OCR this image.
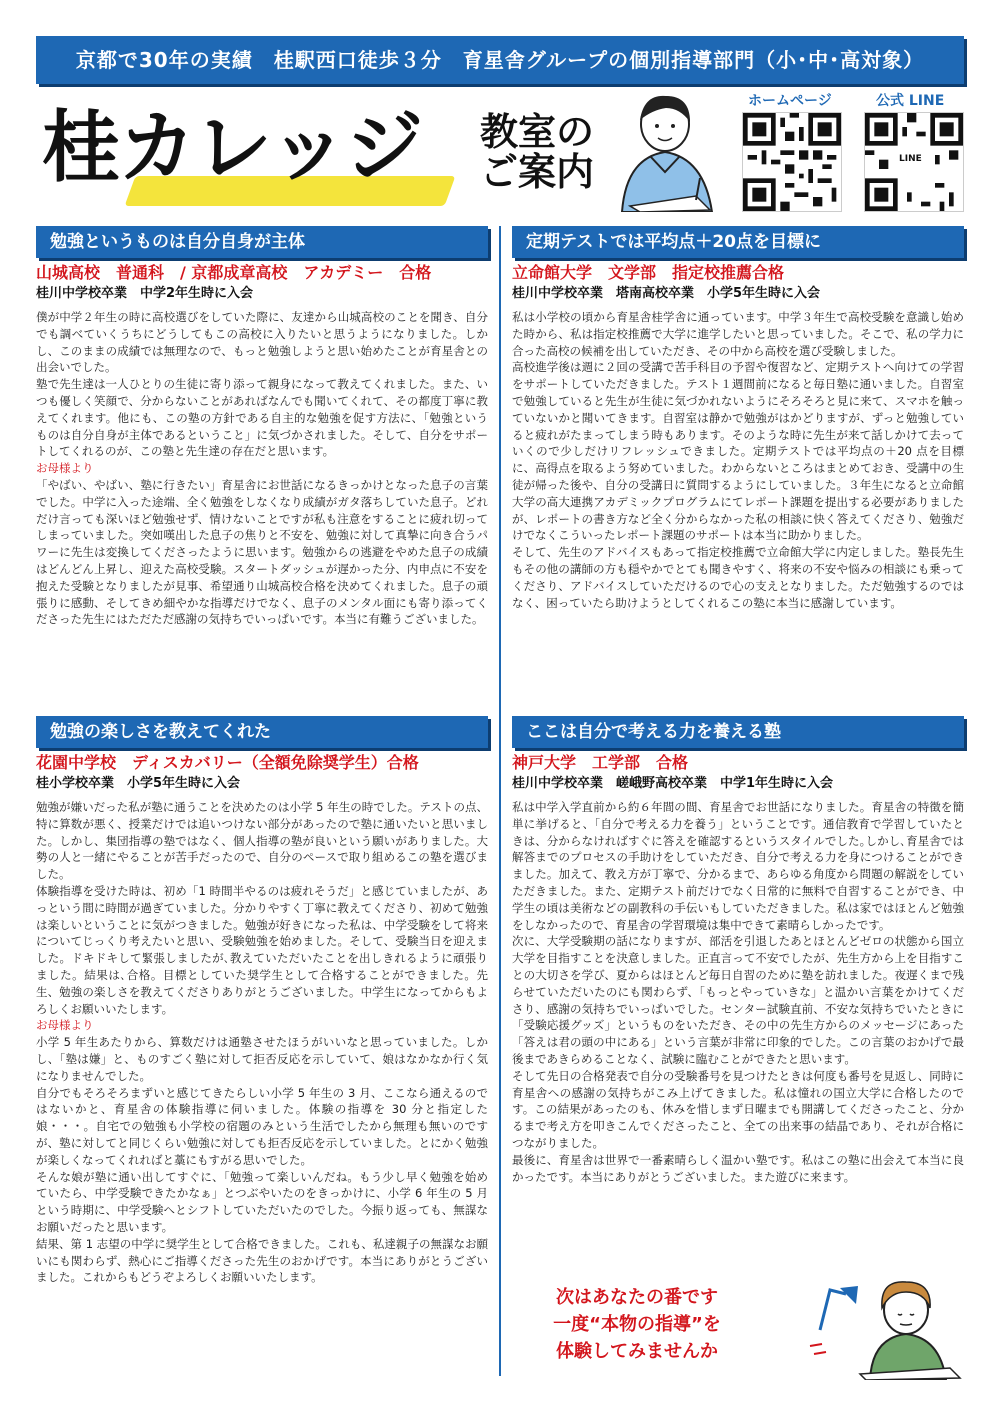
京都で30年の実績　桂駅西口徒歩３分　育星舎グループの個別指導部門（小･中･高対象）
桂カレッジ 教室の
ご案内
ホームページ	公式 LINE
LINE
勉強というものは自分自身が主体
山城高校　普通科　/ 京都成章高校　アカデミー　合格
桂川中学校卒業　中学2年生時に入会

僕が中学２年生の時に高校選びをしていた際に、友達から山城高校のことを聞き、自分でも調べていくうちにどうしてもこの高校に入りたいと思うようになりました。しかし、このままの成績では無理なので、もっと勉強しようと思い始めたことが育星舎との出会いでした。

塾で先生達は一人ひとりの生徒に寄り添って親身になって教えてくれました。また、いつも優しく笑顔で、分からないことがあればなんでも聞いてくれて、その都度丁寧に教えてくれます。他にも、この塾の方針である自主的な勉強を促す方法に、「勉強というものは自分自身が主体であるということ」に気づかされました。そして、自分をサポートしてくれるのが、この塾と先生達の存在だと思います。

お母様より

「やばい、やばい、塾に行きたい」育星舎にお世話になるきっかけとなった息子の言葉でした。中学に入った途端、全く勉強をしなくなり成績がガタ落ちしていた息子。どれだけ言っても深いほど勉強せず、情けないことですが私も注意をすることに疲れ切ってしまっていました。突如嘆出した息子の焦りと不安を、勉強に対して真摯に向き合うパワーに先生は変換してくださったように思います。勉強からの逃避をやめた息子の成績はどんどん上昇し、迎えた高校受験。スタートダッシュが遅かった分、内申点に不安を抱えた受験となりましたが見事、希望通り山城高校合格を決めてくれました。息子の頑張りに感動、そしてきめ細やかな指導だけでなく、息子のメンタル面にも寄り添ってくださった先生にはただただ感謝の気持ちでいっぱいです。本当に有難うございました。

定期テストでは平均点＋20点を目標に
立命館大学　文学部　指定校推薦合格
桂川中学校卒業　塔南高校卒業　小学5年生時に入会

私は小学校の頃から育星舎桂学舎に通っています。中学３年生で高校受験を意識し始めた時から、私は指定校推薦で大学に進学したいと思っていました。そこで、私の学力に合った高校の候補を出していただき、その中から高校を選び受験しました。

高校進学後は週に２回の受講で苦手科目の予習や復習など、定期テストへ向けての学習をサポートしていただきました。テスト１週間前になると毎日塾に通いました。自習室で勉強していると先生が生徒に気づかれないようにそろそろと見に来て、スマホを触っていないかと聞いてきます。自習室は静かで勉強がはかどりますが、ずっと勉強していると疲れがたまってしまう時もあります。そのような時に先生が来て話しかけて去っていくので少しだけリフレッシュできました。定期テストでは平均点の＋20 点を目標に、高得点を取るよう努めていました。わからないところはまとめておき、受講中の生徒が帰った後や、自分の受講日に質問するようにしていました。３年生になると立命館大学の高大連携アカデミックプログラムにてレポート課題を提出する必要がありましたが、レポートの書き方など全く分からなかった私の相談に快く答えてくださり、勉強だけでなくこういったレポート課題のサポートは本当に助かりました。

そして、先生のアドバイスもあって指定校推薦で立命館大学に内定しました。塾長先生もその他の講師の方も穏やかでとても聞きやすく、将来の不安や悩みの相談にも乗ってくださり、アドバイスしていただけるので心の支えとなりました。ただ勉強するのではなく、困っていたら助けようとしてくれるこの塾に本当に感謝しています。

勉強の楽しさを教えてくれた
花園中学校　ディスカバリー（全額免除奨学生）合格
桂小学校卒業　小学5年生時に入会

勉強が嫌いだった私が塾に通うことを決めたのは小学 5 年生の時でした。テストの点、特に算数が悪く、授業だけでは追いつけない部分があったので塾に通いたいと思いました。しかし、集団指導の塾ではなく、個人指導の塾が良いという願いがありました。大勢の人と一緒にやることが苦手だったので、自分のペースで取り組めるこの塾を選びました。

体験指導を受けた時は、初め「1 時間半やるのは疲れそうだ」と感じていましたが、あっという間に時間が過ぎていました。分かりやすく丁寧に教えてくださり、初めて勉強は楽しいということに気がつきました。勉強が好きになった私は、中学受験をして将来についてじっくり考えたいと思い、受験勉強を始めました。そして、受験当日を迎えました。ドキドキして緊張しましたが､教えていただいたことを出しきれるように頑張りました。結果は､合格。目標としていた奨学生として合格することができました。先生、勉強の楽しさを教えてくださりありがとうございました。中学生になってからもよろしくお願いいたします。

お母様より

小学 5 年生あたりから、算数だけは通塾させたほうがいいなと思っていました。しかし、「塾は嫌」と、ものすごく塾に対して拒否反応を示していて、娘はなかなか行く気になりませんでした。

自分でもそろそろまずいと感じてきたらしい小学 5 年生の 3 月、ここなら通えるのではないかと、育星舎の体験指導に伺いました。体験の指導を 30 分と指定した娘・・・。自宅での勉強も小学校の宿題のみという生活でしたから無理も無いのですが、塾に対してと同じくらい勉強に対しても拒否反応を示していました。とにかく勉強が楽しくなってくれればと藁にもすがる思いでした。

そんな娘が塾に通い出してすぐに、「勉強って楽しいんだね。もう少し早く勉強を始めていたら、中学受験できたかなぁ」とつぶやいたのをきっかけに、小学 6 年生の 5 月という時期に、中学受験へとシフトしていただいたのでした。今振り返っても、無謀なお願いだったと思います。

結果、第 1 志望の中学に奨学生として合格できました。これも、私達親子の無謀なお願いにも関わらず、熱心にご指導くださった先生のおかげです。本当にありがとうございました。これからもどうぞよろしくお願いいたします。

ここは自分で考える力を養える塾
神戸大学　工学部　合格
桂川中学校卒業　嵯峨野高校卒業　中学1年生時に入会

私は中学入学直前から約６年間の間、育星舎でお世話になりました。育星舎の特徴を簡単に挙げると、「自分で考える力を養う」ということです。通信教育で学習していたときは、分からなければすぐに答えを確認するというスタイルでした｡しかし､育星舎では解答までのプロセスの手助けをしていただき、自分で考える力を身につけることができました。加えて、教え方が丁寧で、分かるまで、あらゆる角度から問題の解説をしていただきました。また、定期テスト前だけでなく日常的に無料で自習することができ、中学生の頃は美術などの副教科の手伝いもしていただきました。私は家ではほとんど勉強をしなかったので、育星舎の学習環境は集中できて素晴らしかったです。

次に、大学受験期の話になりますが、部活を引退したあとほとんどゼロの状態から国立大学を目指すことを決意しました。正直言って不安でしたが、先生方から上を目指すことの大切さを学び、夏からはほとんど毎日自習のために塾を訪れました。夜遅くまで残らせていただいたのにも関わらず、「もっとやっていきな」と温かい言葉をかけてくださり、感謝の気持ちでいっぱいでした。センター試験直前、不安な気持ちでいたときに「受験応援グッズ」というものをいただき、その中の先生方からのメッセージにあった「答えは君の頭の中にある」という言葉が非常に印象的でした。この言葉のおかげで最後まであきらめることなく、試験に臨むことができたと思います。

そして先日の合格発表で自分の受験番号を見つけたときは何度も番号を見返し、同時に育星舎への感謝の気持ちがこみ上げてきました。私は憧れの国立大学に合格したのです。この結果があったのも、休みを惜しまず日曜までも開講してくださったこと、分かるまで考え方を叩きこんでくださったこと、全ての出来事の結晶であり、それが合格につながりました。

最後に、育星舎は世界で一番素晴らしく温かい塾です。私はこの塾に出会えて本当に良かったです。本当にありがとうございました。また遊びに来ます。

次はあなたの番です
一度“本物の指導”を
体験してみませんか
